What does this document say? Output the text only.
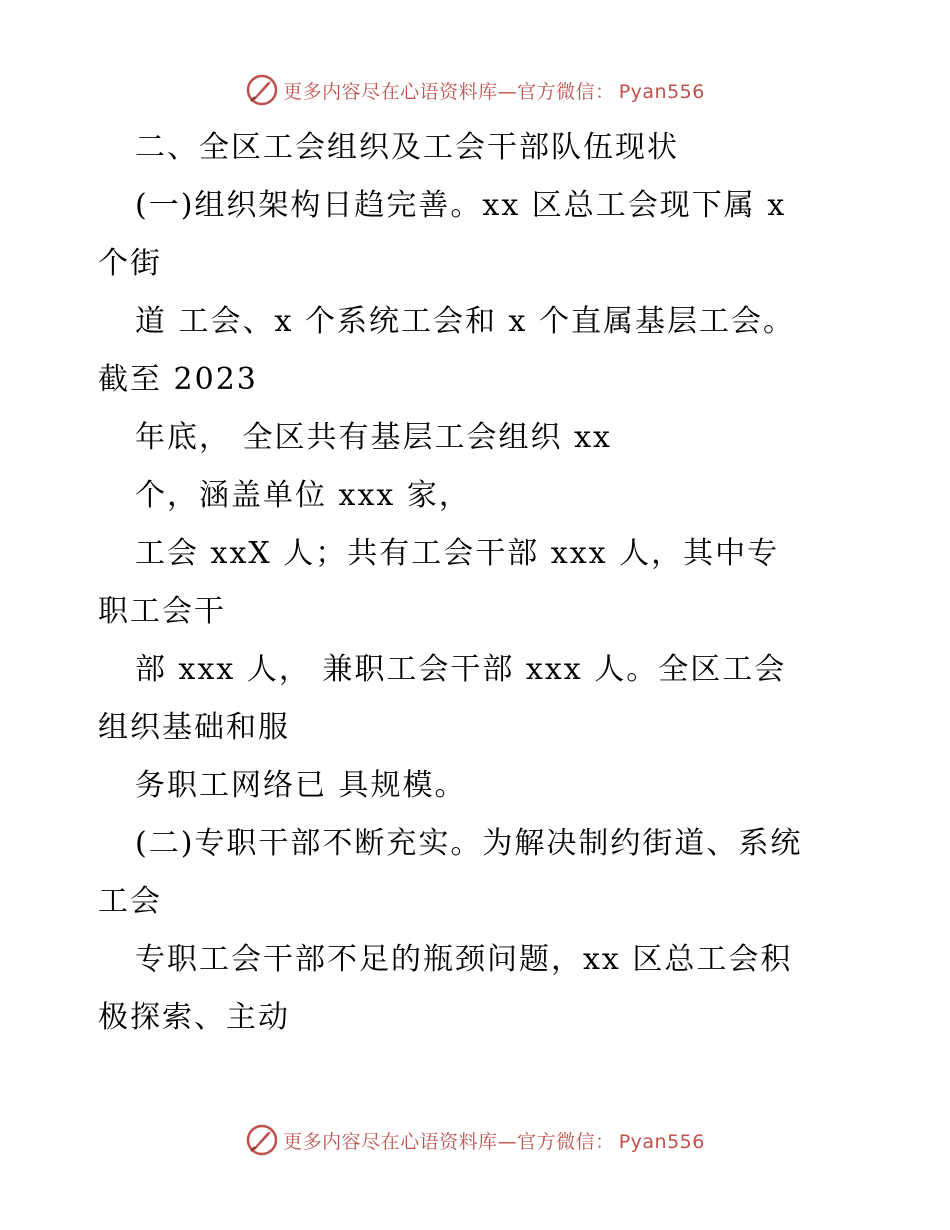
更多内容尽在心语资料库—官方微信： Pyan556
二、全区工会组织及工会干部队伍现状
(一)组织架构日趋完善。xx 区总工会现下属 x
个街
道 工会、x 个系统工会和 x 个直属基层工会。
截至 2023
年底， 全区共有基层工会组织 xx
个，涵盖单位 xxx 家，
工会 xxX 人；共有工会干部 xxx 人，其中专
职工会干
部 xxx 人， 兼职工会干部 xxx 人。全区工会
组织基础和服
务职工网络已 具规模。
(二)专职干部不断充实。为解决制约街道、系统
工会
专职工会干部不足的瓶颈问题，xx 区总工会积
极探索、主动
更多内容尽在心语资料库—官方微信： Pyan556
